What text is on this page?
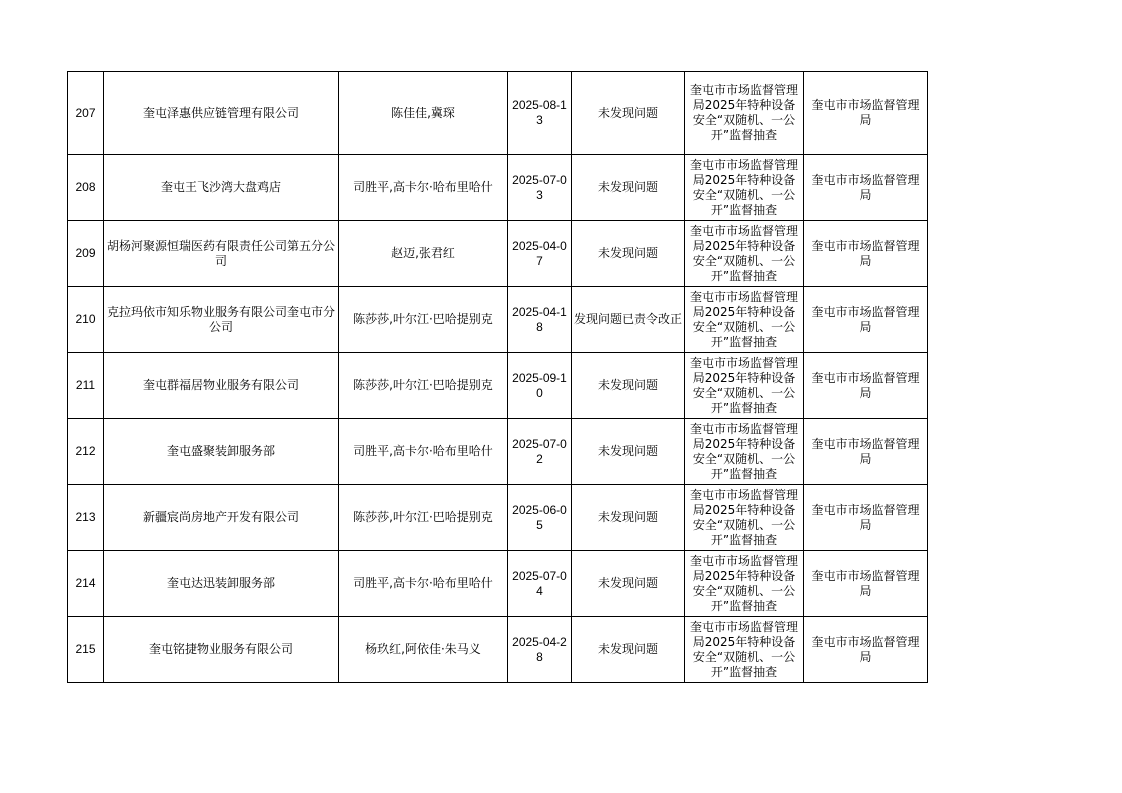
207	奎屯泽惠供应链管理有限公司	陈佳佳,冀琛	2025-08-13	未发现问题	奎屯市市场监督管理局2025年特种设备安全“双随机、一公开”监督抽查	奎屯市市场监督管理局
208	奎屯王飞沙湾大盘鸡店	司胜平,高卡尔·哈布里哈什	2025-07-03	未发现问题	奎屯市市场监督管理局2025年特种设备安全“双随机、一公开”监督抽查	奎屯市市场监督管理局
209	胡杨河聚源恒瑞医药有限责任公司第五分公司	赵迈,张君红	2025-04-07	未发现问题	奎屯市市场监督管理局2025年特种设备安全“双随机、一公开”监督抽查	奎屯市市场监督管理局
210	克拉玛依市知乐物业服务有限公司奎屯市分公司	陈莎莎,叶尔江·巴哈提别克	2025-04-18	发现问题已责令改正	奎屯市市场监督管理局2025年特种设备安全“双随机、一公开”监督抽查	奎屯市市场监督管理局
211	奎屯群福居物业服务有限公司	陈莎莎,叶尔江·巴哈提别克	2025-09-10	未发现问题	奎屯市市场监督管理局2025年特种设备安全“双随机、一公开”监督抽查	奎屯市市场监督管理局
212	奎屯盛聚装卸服务部	司胜平,高卡尔·哈布里哈什	2025-07-02	未发现问题	奎屯市市场监督管理局2025年特种设备安全“双随机、一公开”监督抽查	奎屯市市场监督管理局
213	新疆宸尚房地产开发有限公司	陈莎莎,叶尔江·巴哈提别克	2025-06-05	未发现问题	奎屯市市场监督管理局2025年特种设备安全“双随机、一公开”监督抽查	奎屯市市场监督管理局
214	奎屯达迅装卸服务部	司胜平,高卡尔·哈布里哈什	2025-07-04	未发现问题	奎屯市市场监督管理局2025年特种设备安全“双随机、一公开”监督抽查	奎屯市市场监督管理局
215	奎屯铭捷物业服务有限公司	杨玖红,阿依佳·朱马义	2025-04-28	未发现问题	奎屯市市场监督管理局2025年特种设备安全“双随机、一公开”监督抽查	奎屯市市场监督管理局
